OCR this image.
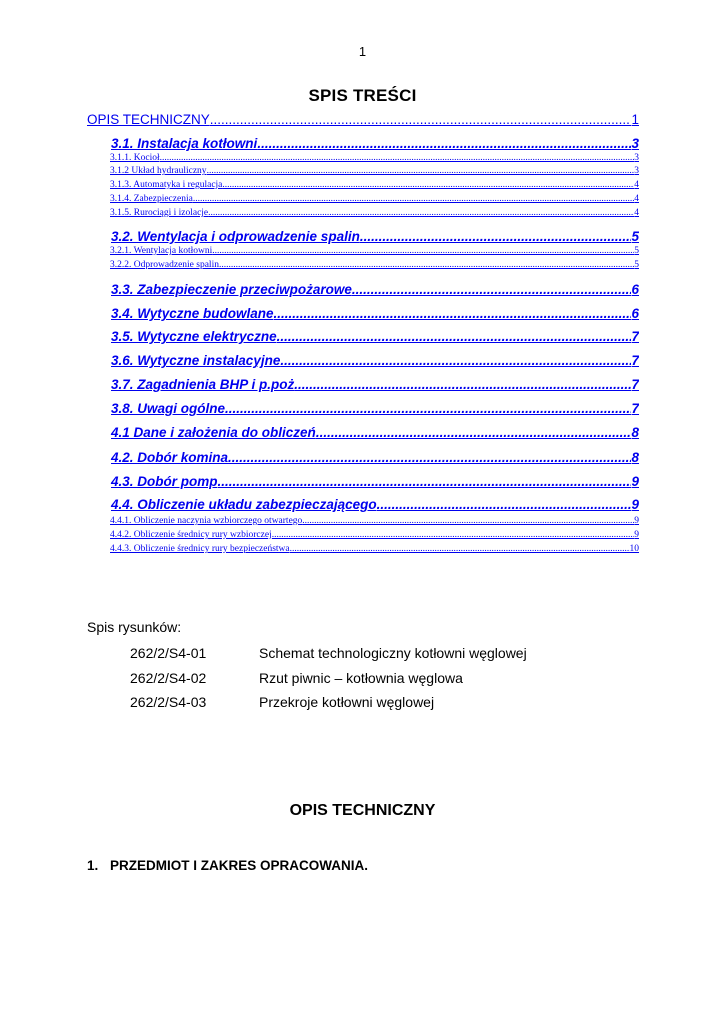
1
SPIS TREŚCI
OPIS TECHNICZNY .....	1
3.1. Instalacja kotłowni .....	3
3.1.1. Kocioł .....	3
3.1.2 Układ hydrauliczny .....	3
3.1.3. Automatyka i regulacja .....	4
3.1.4. Zabezpieczenia .....	4
3.1.5. Rurociągi i izolacje .....	4
3.2. Wentylacja i odprowadzenie spalin .....	5
3.2.1. Wentylacja kotłowni .....	5
3.2.2. Odprowadzenie spalin .....	5
3.3. Zabezpieczenie przeciwpożarowe .....	6
3.4. Wytyczne budowlane .....	6
3.5. Wytyczne elektryczne .....	7
3.6. Wytyczne instalacyjne .....	7
3.7. Zagadnienia BHP i p.poż .....	7
3.8. Uwagi ogólne .....	7
4.1 Dane i założenia do obliczeń .....	8
4.2. Dobór komina .....	8
4.3. Dobór pomp .....	9
4.4. Obliczenie układu zabezpieczającego .....	9
4.4.1. Obliczenie naczynia wzbiorczego otwartego .....	9
4.4.2. Obliczenie średnicy rury wzbiorczej .....	9
4.4.3. Obliczenie średnicy rury bezpieczeństwa .....	10
Spis rysunków:
262/2/S4-01	Schemat technologiczny kotłowni węglowej
262/2/S4-02	Rzut piwnic – kotłownia węglowa
262/2/S4-03	Przekroje kotłowni węglowej
OPIS TECHNICZNY
1. PRZEDMIOT I ZAKRES OPRACOWANIA.
